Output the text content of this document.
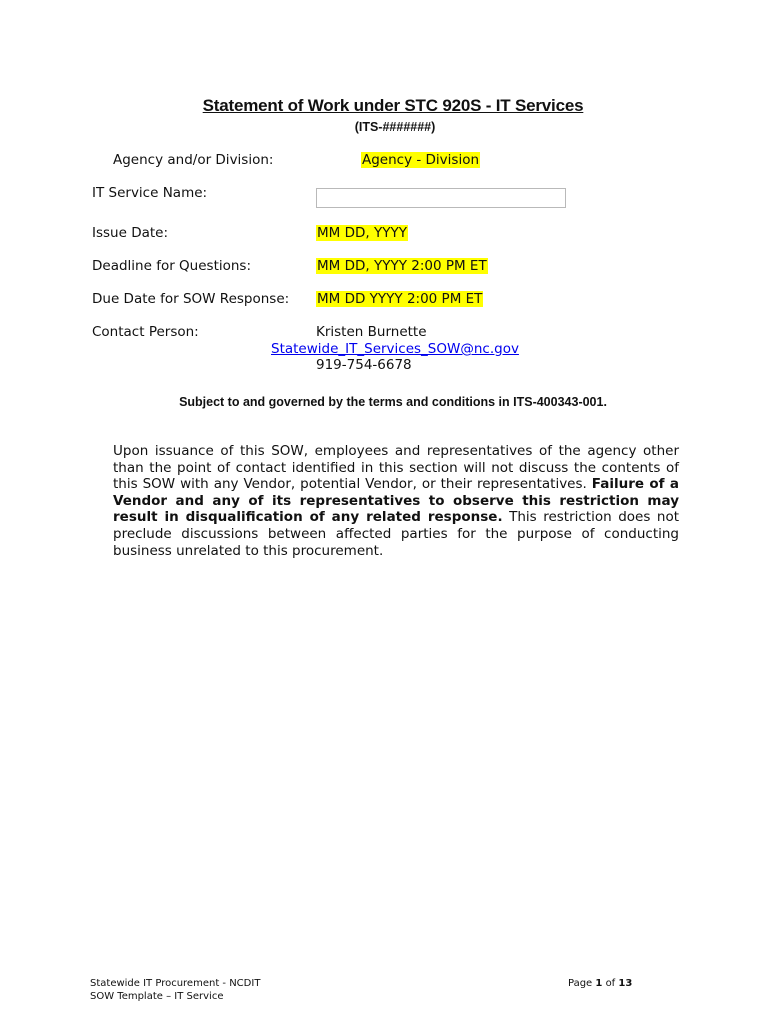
Statement of Work under STC 920S - IT Services
(ITS-#######)
Agency and/or Division:	Agency - Division
IT Service Name:
Issue Date:	MM DD, YYYY
Deadline for Questions:	MM DD, YYYY 2:00 PM ET
Due Date for SOW Response: MM DD YYYY 2:00 PM ET
Contact Person:	Kristen Burnette
Statewide_IT_Services_SOW@nc.gov
919-754-6678
Subject to and governed by the terms and conditions in ITS-400343-001.
Upon issuance of this SOW, employees and representatives of the agency other than the point of contact identified in this section will not discuss the contents of this SOW with any Vendor, potential Vendor, or their representatives. Failure of a Vendor and any of its representatives to observe this restriction may result in disqualification of any related response. This restriction does not preclude discussions between affected parties for the purpose of conducting business unrelated to this procurement.
Statewide IT Procurement - NCDIT
SOW Template – IT Service
Page 1 of 13
